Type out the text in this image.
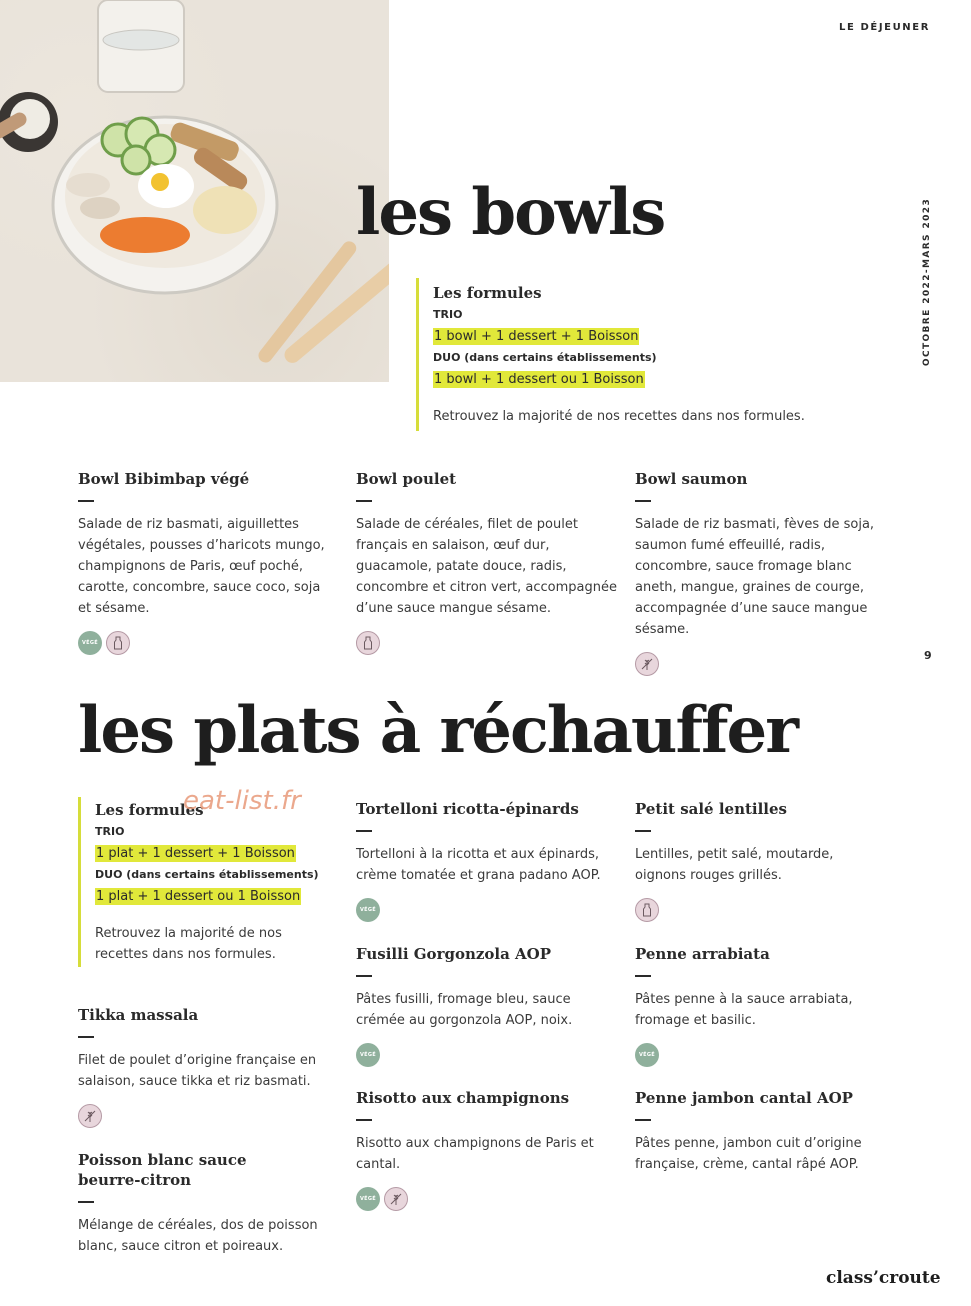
LE DÉJEUNER
OCTOBRE 2022-MARS 2023
9
les bowls
Les formules
TRIO
1 bowl + 1 dessert + 1 Boisson
DUO (dans certains établissements)
1 bowl + 1 dessert ou 1 Boisson
Retrouvez la majorité de nos recettes dans nos formules.
Bowl Bibimbap végé

Salade de riz basmati, aiguillettes végétales, pousses d’haricots mungo, champignons de Paris, œuf poché, carotte, concombre, sauce coco, soja et sésame.

VÉGÉ
Bowl poulet

Salade de céréales, filet de poulet français en salaison, œuf dur, guacamole, patate douce, radis, concombre et citron vert, accompagnée d’une sauce mangue sésame.

Bowl saumon

Salade de riz basmati, fèves de soja, saumon fumé effeuillé, radis, concombre, sauce fromage blanc aneth, mangue, graines de courge, accompagnée d’une sauce mangue sésame.

les plats à réchauffer
Les formules
TRIO
1 plat + 1 dessert + 1 Boisson
DUO (dans certains établissements)
1 plat + 1 dessert ou 1 Boisson
Retrouvez la majorité de nos recettes dans nos formules.
eat-list.fr
Tikka massala

Filet de poulet d’origine française en salaison, sauce tikka et riz basmati.

Poisson blanc sauce beurre-citron

Mélange de céréales, dos de poisson blanc, sauce citron et poireaux.

Tortelloni ricotta-épinards

Tortelloni à la ricotta et aux épinards, crème tomatée et grana padano AOP.

VÉGÉ
Fusilli Gorgonzola AOP

Pâtes fusilli, fromage bleu, sauce crémée au gorgonzola AOP, noix.

VÉGÉ
Risotto aux champignons

Risotto aux champignons de Paris et cantal.

VÉGÉ
Petit salé lentilles

Lentilles, petit salé, moutarde, oignons rouges grillés.

Penne arrabiata

Pâtes penne à la sauce arrabiata, fromage et basilic.

VÉGÉ
Penne jambon cantal AOP

Pâtes penne, jambon cuit d’origine française, crème, cantal râpé AOP.

class’croute
